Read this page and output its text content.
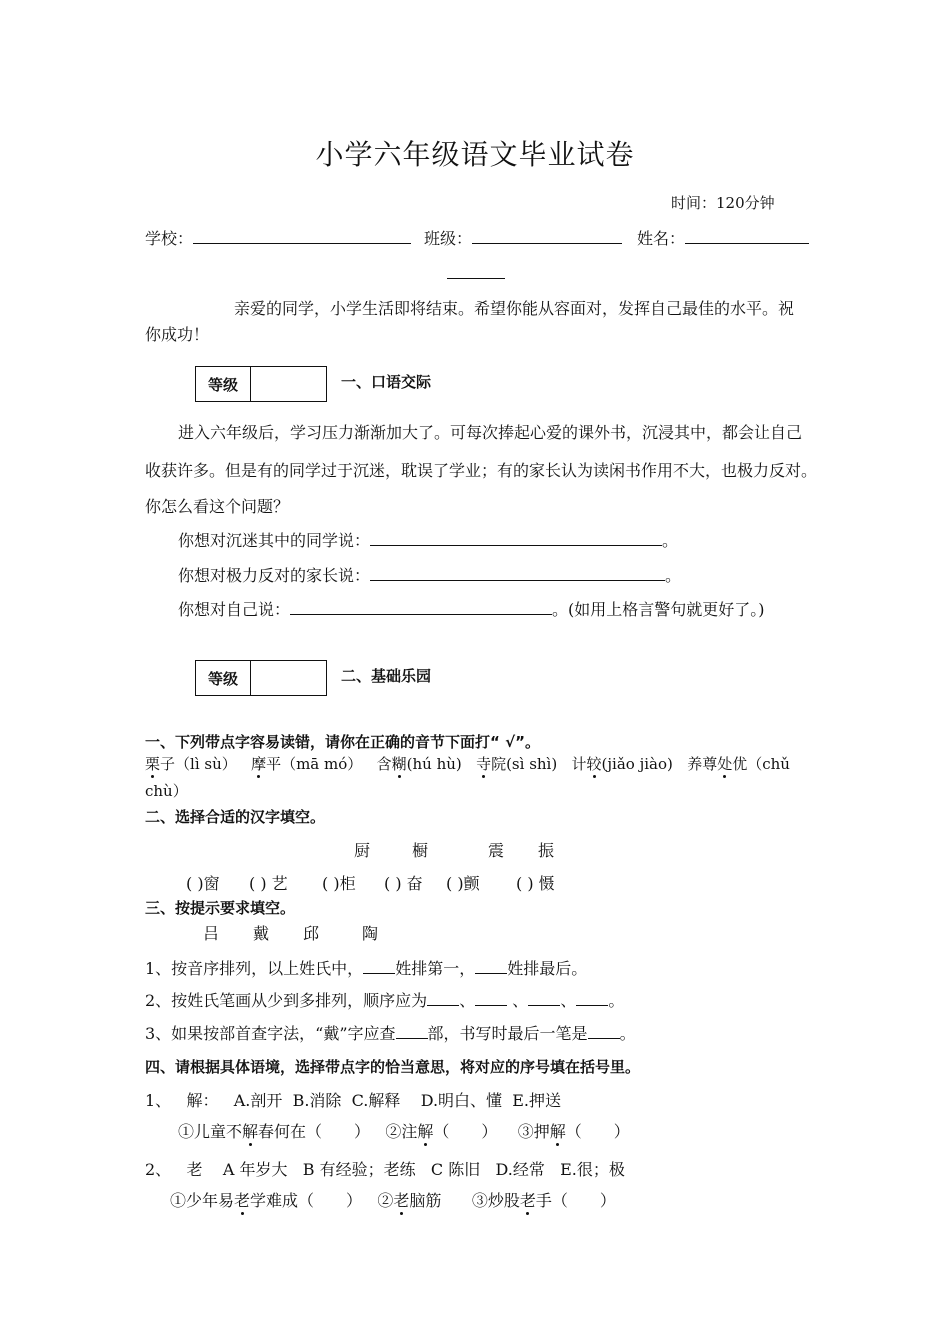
小学六年级语文毕业试卷
时间：120分钟
学校：	班级：	姓名：
亲爱的同学，小学生活即将结束。希望你能从容面对，发挥自己最佳的水平。祝
你成功！
等级	一、口语交际
进入六年级后，学习压力渐渐加大了。可每次捧起心爱的课外书，沉浸其中，都会让自己
收获许多。但是有的同学过于沉迷，耽误了学业；有的家长认为读闲书作用不大，也极力反对。
你怎么看这个问题？
你想对沉迷其中的同学说：	。
你想对极力反对的家长说：	。
你想对自己说：	。(如用上格言警句就更好了。)
等级	二、基础乐园
一、下列带点字容易读错，请你在正确的音节下面打“ √”。
栗子（lì sù） 摩平（mā mó） 含糊(hú hù) 寺院(sì shì) 计较(jiǎo jiào) 养尊处优（chǔ
chù）
二、选择合适的汉字填空。
厨	橱	震 振
( )窗 ( ) 艺 ( )柜 ( ) 奋 ( )颤 ( ) 慑
三、按提示要求填空。
吕 戴 邱	陶
1、按音序排列，以上姓氏中， 姓排第一， 姓排最后。
2、按姓氏笔画从少到多排列，顺序应为 、 、 、 。
3、如果按部首查字法，“戴”字应查 部，书写时最后一笔是 。
四、请根据具体语境，选择带点字的恰当意思，将对应的序号填在括号里。
1、 解： A.剖开 B.消除 C.解释 D.明白、懂 E.押送
①儿童不解春何在（　　） ②注解（　　） ③押解（　　）
2、 老 A 年岁大 B 有经验；老练 C 陈旧 D.经常 E.很；极
①少年易老学难成（　　） ②老脑筋 ③炒股老手（　　）
